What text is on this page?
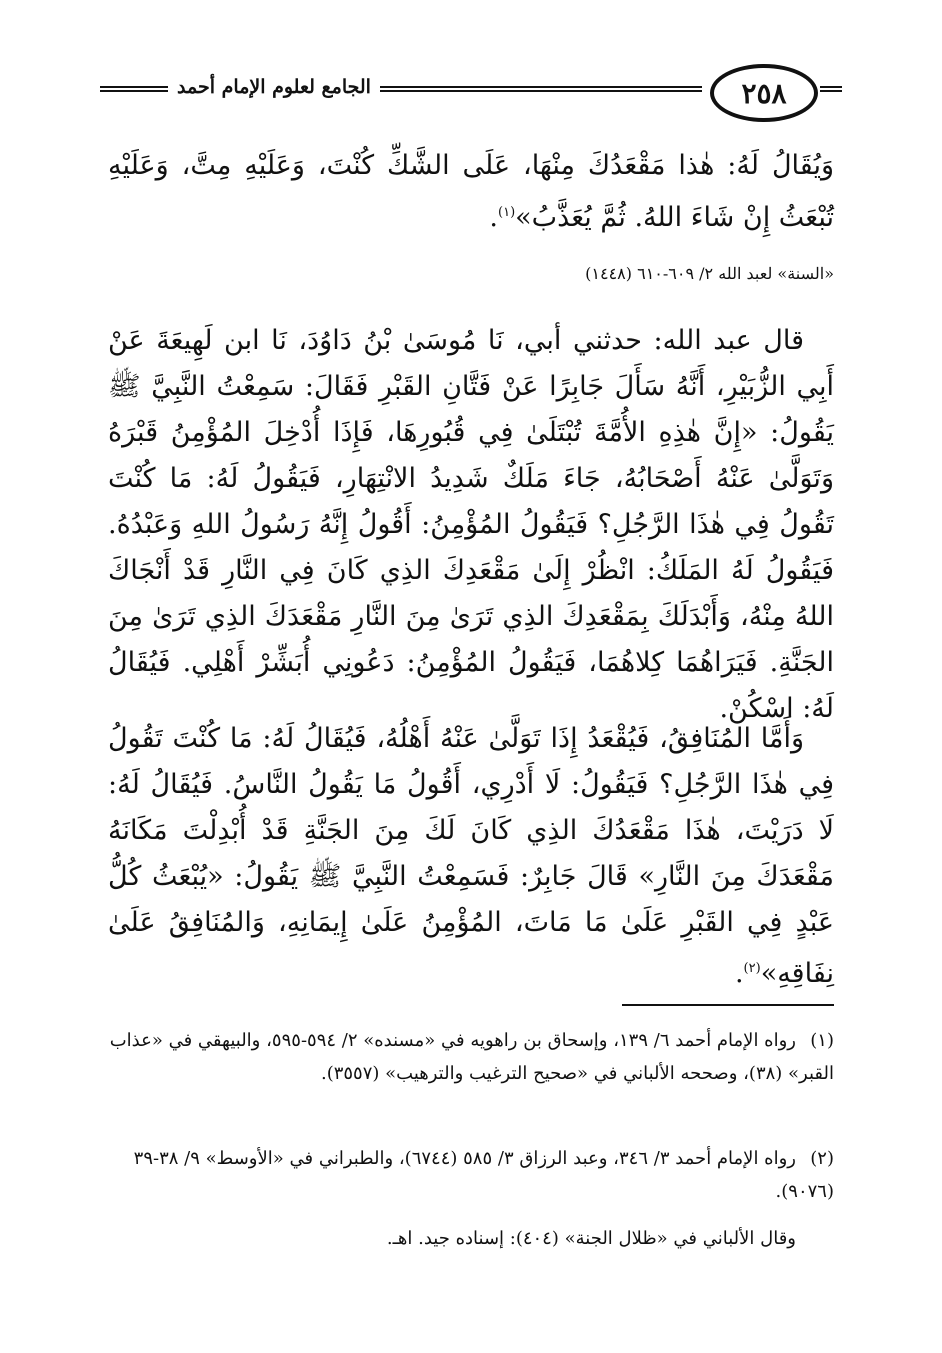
الجامع لعلوم الإمام أحمد	٢٥٨
وَيُقَالُ لَهُ: هٰذا مَقْعَدُكَ مِنْهَا، عَلَى الشَّكِّ كُنْتَ، وَعَلَيْهِ مِتَّ، وَعَلَيْهِ تُبْعَثُ إِنْ شَاءَ اللهُ. ثُمَّ يُعَذَّبُ»$^{(١)}$.
«السنة» لعبد الله ٢/ ٦٠٩-٦١٠ (١٤٤٨)
قال عبد الله: حدثني أبي، نَا مُوسَىٰ بْنُ دَاوُدَ، نَا ابن لَهِيعَةَ عَنْ أَبِي الزُّبَيْرِ، أَنَّهُ سَأَلَ جَابِرًا عَنْ فَتَّانِ القَبْرِ فَقَالَ: سَمِعْتُ النَّبِيَّ ﷺ يَقُولُ: «إِنَّ هٰذِهِ الأُمَّةَ تُبْتَلَىٰ فِي قُبُورِهَا، فَإِذَا أُدْخِلَ المُؤْمِنُ قَبْرَهُ وَتَوَلَّىٰ عَنْهُ أَصْحَابُهُ، جَاءَ مَلَكٌ شَدِيدُ الانْتِهَارِ، فَيَقُولُ لَهُ: مَا كُنْتَ تَقُولُ فِي هٰذَا الرَّجُلِ؟ فَيَقُولُ المُؤْمِنُ: أَقُولُ إِنَّهُ رَسُولُ اللهِ وَعَبْدُهُ. فَيَقُولُ لَهُ المَلَكُ: انْظُرْ إِلَىٰ مَقْعَدِكَ الذِي كَانَ فِي النَّارِ قَدْ أَنْجَاكَ اللهُ مِنْهُ، وَأَبْدَلَكَ بِمَقْعَدِكَ الذِي تَرَىٰ مِنَ النَّارِ مَقْعَدَكَ الذِي تَرَىٰ مِنَ الجَنَّةِ. فَيَرَاهُمَا كِلاهُمَا، فَيَقُولُ المُؤْمِنُ: دَعُونِي أُبَشِّرْ أَهْلِي. فَيُقَالُ لَهُ: اسْكُنْ.
وَأَمَّا المُنَافِقُ، فَيُقْعَدُ إِذَا تَوَلَّىٰ عَنْهُ أَهْلُهُ، فَيُقَالُ لَهُ: مَا كُنْتَ تَقُولُ فِي هٰذَا الرَّجُلِ؟ فَيَقُولُ: لَا أَدْرِي، أَقُولُ مَا يَقُولُ النَّاسُ. فَيُقَالُ لَهُ: لَا دَرَيْتَ، هٰذَا مَقْعَدُكَ الذِي كَانَ لَكَ مِنَ الجَنَّةِ قَدْ أُبْدِلْتَ مَكَانَهُ مَقْعَدَكَ مِنَ النَّارِ» قَالَ جَابِرٌ: فَسَمِعْتُ النَّبِيَّ ﷺ يَقُولُ: «يُبْعَثُ كُلُّ عَبْدٍ فِي القَبْرِ عَلَىٰ مَا مَاتَ، المُؤْمِنُ عَلَىٰ إِيمَانِهِ، وَالمُنَافِقُ عَلَىٰ نِفَاقِهِ»$^{(٢)}$.
(١)رواه الإمام أحمد ٦/ ١٣٩، وإسحاق بن راهويه في «مسنده» ٢/ ٥٩٤-٥٩٥، والبيهقي في «عذاب القبر» (٣٨)، وصححه الألباني في «صحيح الترغيب والترهيب» (٣٥٥٧).
(٢)رواه الإمام أحمد ٣/ ٣٤٦، وعبد الرزاق ٣/ ٥٨٥ (٦٧٤٤)، والطبراني في «الأوسط» ٩/ ٣٨-٣٩ (٩٠٧٦).
وقال الألباني في «ظلال الجنة» (٤٠٤): إسناده جيد. اهـ.
